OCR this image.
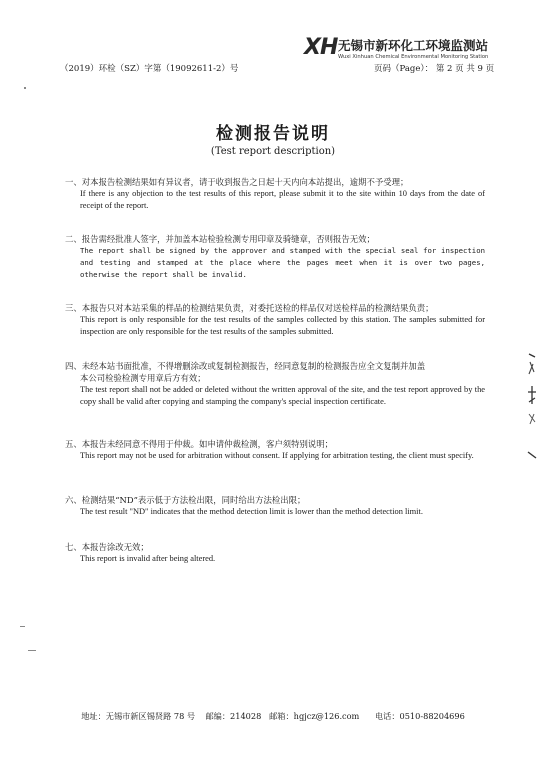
XH 无锡市新环化工环境监测站
Wuxi Xinhuan Chemical Environmental Monitoring Station
（2019）环检（SZ）字第（19092611-2）号	页码（Page）： 第 2 页 共 9 页
检测报告说明
(Test report description)
一、对本报告检测结果如有异议者，请于收到报告之日起十天内向本站提出，逾期不予受理；
If there is any objection to the test results of this report, please submit it to the site within 10 days from the date of receipt of the report.
二、报告需经批准人签字，并加盖本站检验检测专用印章及骑缝章，否则报告无效；
The report shall be signed by the approver and stamped with the special seal for inspection and testing and stamped at the place where the pages meet when it is over two pages, otherwise the report shall be invalid.
三、本报告只对本站采集的样品的检测结果负责，对委托送检的样品仅对送检样品的检测结果负责；
This report is only responsible for the test results of the samples collected by this station. The samples submitted for inspection are only responsible for the test results of the samples submitted.
四、未经本站书面批准，不得增删涂改或复制检测报告，经同意复制的检测报告应全文复制并加盖
本公司检验检测专用章后方有效；
The test report shall not be added or deleted without the written approval of the site, and the test report approved by the copy shall be valid after copying and stamping the company's special inspection certificate.
五、本报告未经同意不得用于仲裁。如申请仲裁检测，客户须特别说明；
This report may not be used for arbitration without consent. If applying for arbitration testing, the client must specify.
六、检测结果“ND”表示低于方法检出限，同时给出方法检出限；
The test result "ND" indicates that the method detection limit is lower than the method detection limit.
七、本报告涂改无效；
This report is invalid after being altered.
地址：无锡市新区锡贤路 78 号    邮编：214028   邮箱：hgjcz@126.com      电话：0510-88204696
